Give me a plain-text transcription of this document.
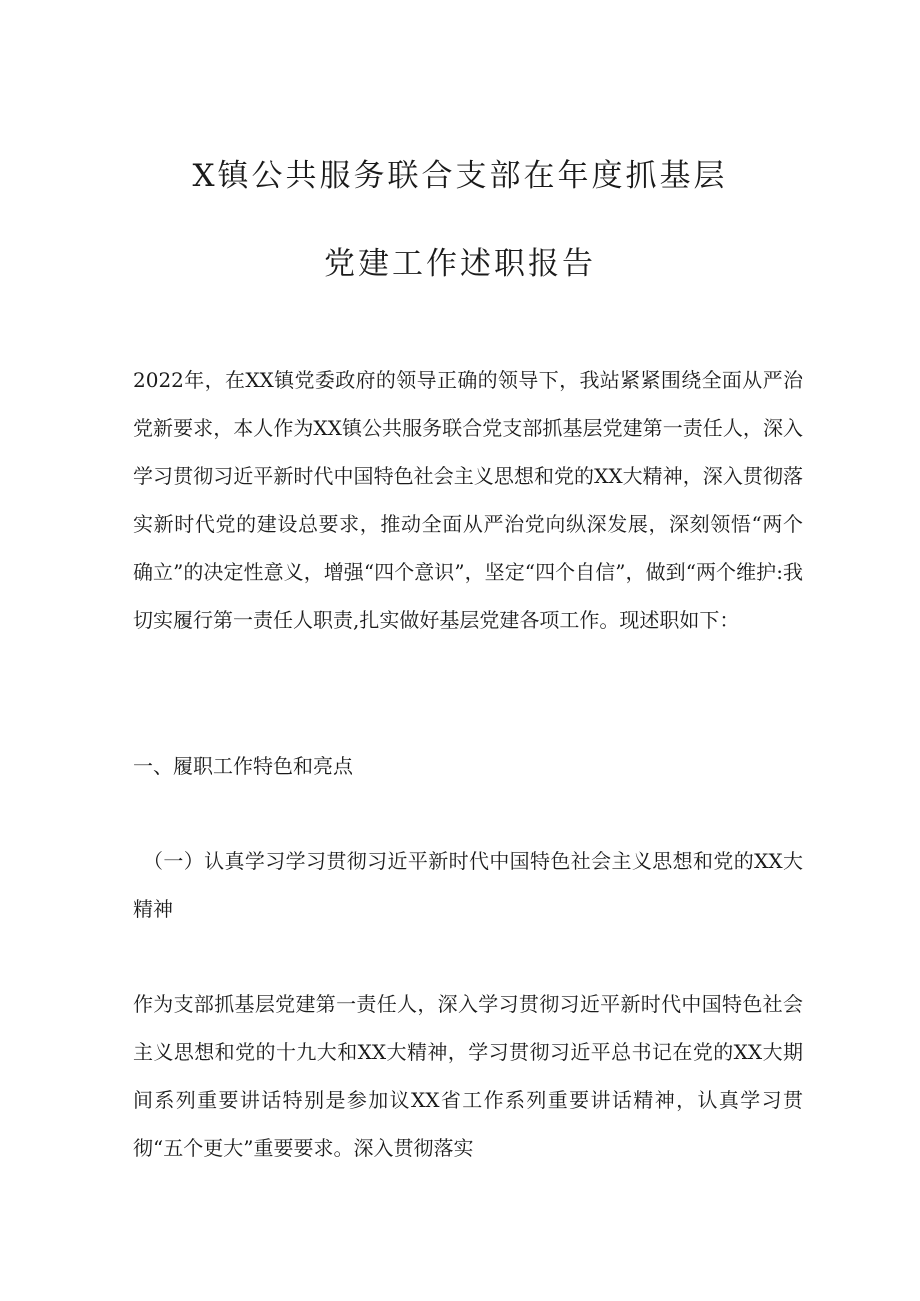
X镇公共服务联合支部在年度抓基层
党建工作述职报告

2022年，在XX镇党委政府的领导正确的领导下，我站紧紧围绕全面从严治党新要求，本人作为XX镇公共服务联合党支部抓基层党建第一责任人，深入学习贯彻习近平新时代中国特色社会主义思想和党的XX大精神，深入贯彻落实新时代党的建设总要求，推动全面从严治党向纵深发展，深刻领悟“两个确立”的决定性意义，增强“四个意识”，坚定“四个自信”，做到“两个维护:我切实履行第一责任人职责,扎实做好基层党建各项工作。现述职如下：

一、履职工作特色和亮点

（一）认真学习学习贯彻习近平新时代中国特色社会主义思想和党的XX大精神

作为支部抓基层党建第一责任人，深入学习贯彻习近平新时代中国特色社会主义思想和党的十九大和XX大精神，学习贯彻习近平总书记在党的XX大期间系列重要讲话特别是参加议XX省工作系列重要讲话精神，认真学习贯彻“五个更大”重要要求。深入贯彻落实
